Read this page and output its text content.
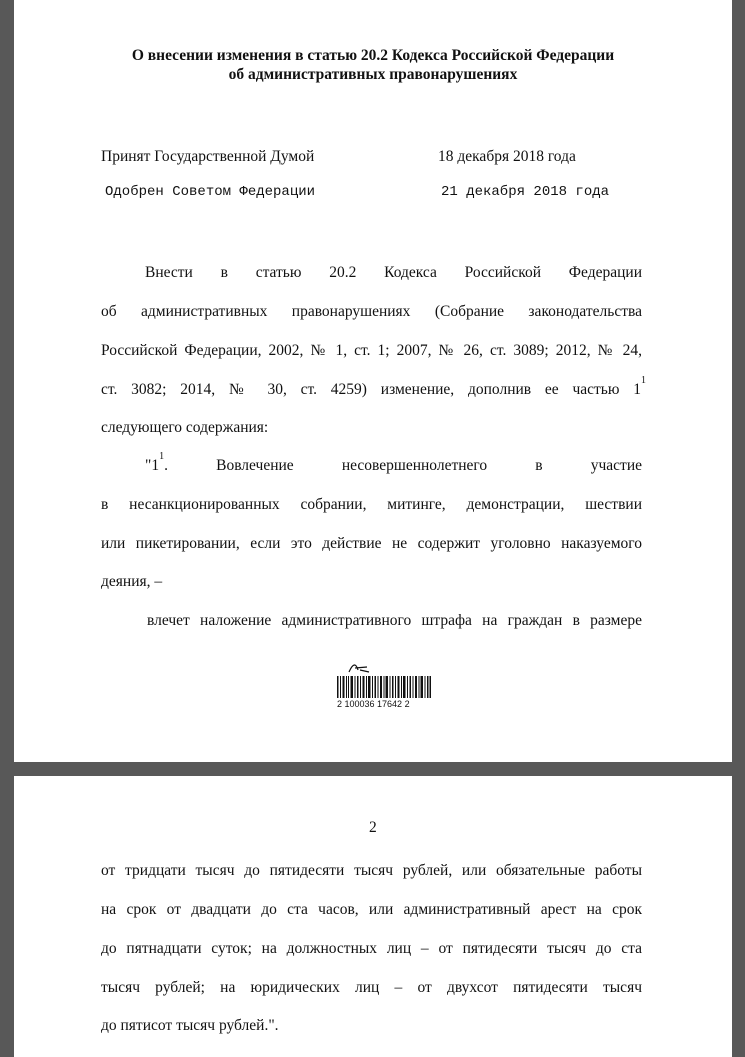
О внесении изменения в статью 20.2 Кодекса Российской Федерации
об административных правонарушениях
Принят Государственной Думой	18 декабря 2018 года
Одобрен Советом Федерации	21 декабря 2018 года
Внести в статью 20.2 Кодекса Российской Федерации
об административных правонарушениях (Собрание законодательства
Российской Федерации, 2002, № 1, ст. 1; 2007, № 26, ст. 3089; 2012, № 24,
ст. 3082; 2014, № 30, ст. 4259) изменение, дополнив ее частью 1
1
следующего содержания:
"1
1
. Вовлечение несовершеннолетнего в участие
в несанкционированных собрании, митинге, демонстрации, шествии
или пикетировании, если это действие не содержит уголовно наказуемого
деяния, –
влечет наложение административного штрафа на граждан в размере
2 100036 17642 2
2
от тридцати тысяч до пятидесяти тысяч рублей, или обязательные работы
на срок от двадцати до ста часов, или административный арест на срок
до пятнадцати суток; на должностных лиц – от пятидесяти тысяч до ста
тысяч рублей; на юридических лиц – от двухсот пятидесяти тысяч
до пятисот тысяч рублей.".
